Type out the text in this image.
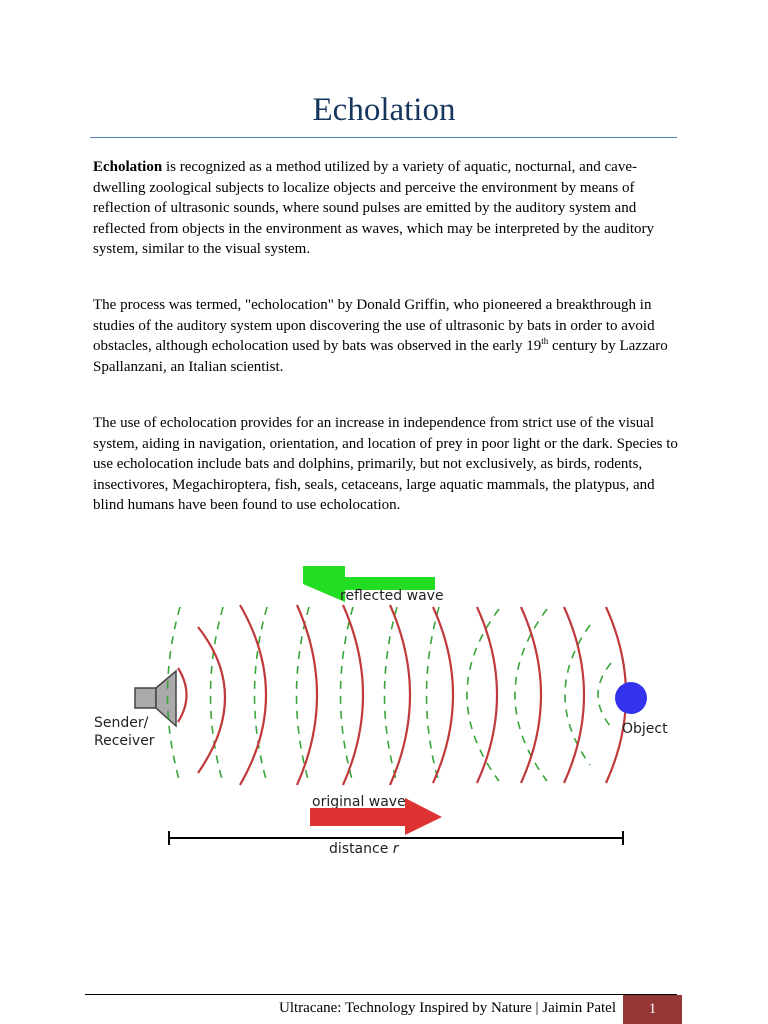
Echolation

Echolation is recognized as a method utilized by a variety of aquatic, nocturnal, and cave-dwelling zoological subjects to localize objects and perceive the environment by means of reflection of ultrasonic sounds, where sound pulses are emitted by the auditory system and reflected from objects in the environment as waves, which may be interpreted by the auditory system, similar to the visual system.

The process was termed, "echolocation" by Donald Griffin, who pioneered a breakthrough in studies of the auditory system upon discovering the use of ultrasonic by bats in order to avoid obstacles, although echolocation used by bats was observed in the early 19th century by Lazzaro Spallanzani, an Italian scientist.

The use of echolocation provides for an increase in independence from strict use of the visual system, aiding in navigation, orientation, and location of prey in poor light or the dark. Species to use echolocation include bats and dolphins, primarily, but not exclusively, as birds, rodents, insectivores, Megachiroptera, fish, seals, cetaceans, large aquatic mammals, the platypus, and blind humans have been found to use echolocation.

reflected wave
Sender/ Receiver
Object
original wave
distance r
Ultracane: Technology Inspired by Nature | Jaimin Patel	1
